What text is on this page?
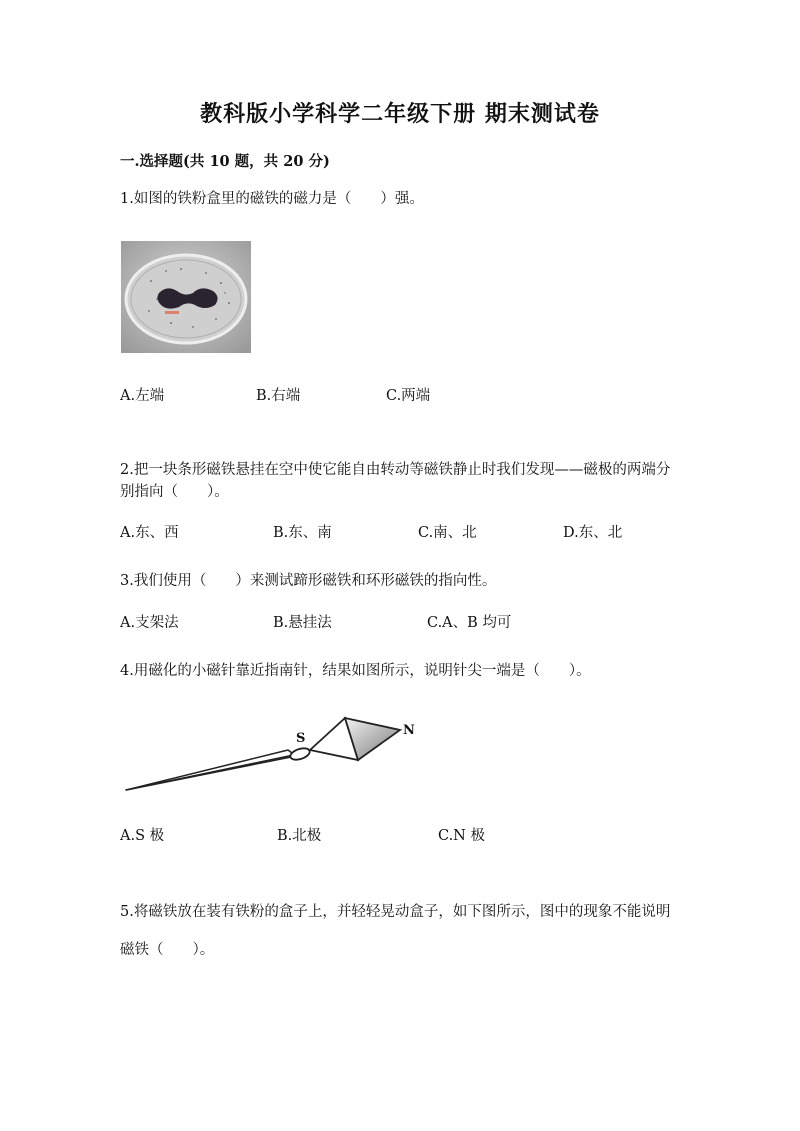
教科版小学科学二年级下册 期末测试卷
一.选择题(共 10 题，共 20 分)
1.如图的铁粉盒里的磁铁的磁力是（　　）强。
A.左端	B.右端	C.两端
2.把一块条形磁铁悬挂在空中使它能自由转动等磁铁静止时我们发现——磁极的两端分别指向（　　）。
A.东、西	B.东、南	C.南、北	D.东、北
3.我们使用（　　）来测试蹄形磁铁和环形磁铁的指向性。
A.支架法	B.悬挂法	C.A、B 均可
4.用磁化的小磁针靠近指南针，结果如图所示，说明针尖一端是（　　）。
S
N
A.S 极	B.北极	C.N 极
5.将磁铁放在装有铁粉的盒子上，并轻轻晃动盒子，如下图所示，图中的现象不能说明磁铁（　　）。
